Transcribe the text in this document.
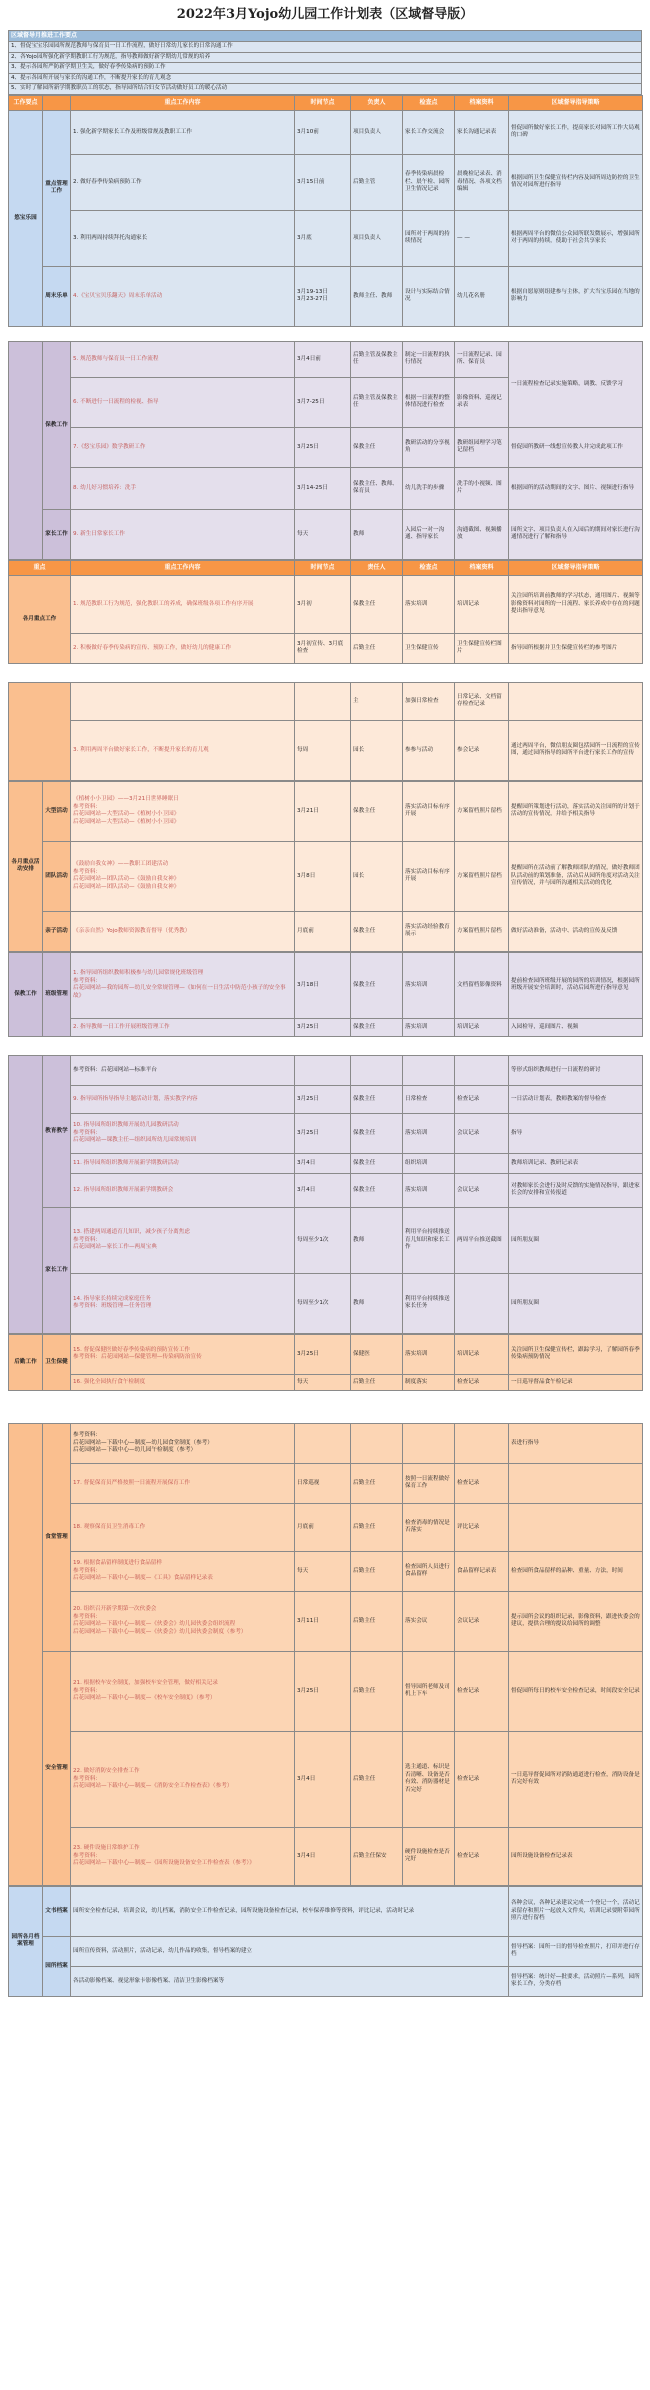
2022年3月Yojo幼儿园工作计划表（区域督导版）
区域督导月推进工作要点
1、督促宝宝乐园园所规范教师与保育员一日工作流程，做好日常幼儿家长的日常沟通工作
2、各Yojo园所强化新学期教职工行为规范，指导教师做好新学期幼儿常规的培养
3、提示各园所严防新学期卫生关，做好春季传染病的预防工作
4、提示各园所开展与家长的沟通工作，不断提升家长的育儿观念
5、实时了解园所新学期教职员工的状态，指导园所结合妇女节活动做好员工的暖心活动
工作要点		重点工作内容	时间节点	负责人	检查点	档案资料	区域督导指导策略
悠宝乐园	重点管理工作	1. 强化新学期家长工作及班级常规及教职工工作	3月10前	项目负责人	家长工作交流会	家长沟通记录表	督促园所做好家长工作，提高家长对园所工作大局观的口碑
		2. 做好春季传染病预防工作	3月15日前	后勤主管	春季传染病晨检栏、晨午检、园所卫生情况记录	晨晚检记录表、消毒情况、各项文档编辑	根据园所卫生保健宣传栏内容及园所周边防控的卫生情况对园所进行指导
		3. 利用两周持续拜托沟通家长	3月底	项目负责人	园所对于两周的持续情况	— —	根据两周平台的微信公众园所联发微展示，增强园所对于两周的持续，使助于社会共享家长
	周末乐单	4.《宝贝宝贝乐翻天》周末乐单活动	3月19-13日
3月23-27日	教师主任、教师	设计与实际结合情况	幼儿花名册	根据自愿原则组建参与主体，扩大当宝乐园在当地的影响力
	保教工作	5. 规范教师与保育员一日工作流程	3月4日前	后勤主管及保教主任	制定一日流程的执行情况	一日流程记录、园所、保育员	一日流程检查记录实施策略，调教、反馈学习
		6. 不断进行一日流程的检视、指导	3月7-25日	后勤主管及保教主任	根据一日流程的整体情况进行检查	影像资料、巡视记录表	
		7.《悠宝乐园》数学教研工作	3月25日	保教主任	教研活动的分享视角	教研组园理学习笔记留档	督促园所教研一线想宣传教人并完成此项工作
		8. 幼儿好习惯培养：洗手	3月14-25日	保教主任、教师、保育员	幼儿洗手的步骤	洗手的小视频、图片	根据园所的活动期间的文字、图片、视频进行指导
	家长工作	9. 新生日常家长工作	每天	教师	入园后一对一沟通、指导家长	沟通截图、视频播放	园所文字、项目负责人在入园后的期间对家长进行沟通情况进行了解和指导
重点	重点工作内容	时间节点	责任人	检查点	档案资料	区域督导指导策略
各月重点工作	1. 规范教职工行为规范，强化教职工的养成，确保班级各项工作有序开展	3月初	保教主任	落实培训	培训记录	关注园所培训前教师的学习状态，通用图片、视频等影像资料对园所的一日流程、家长养成中存在的问题提出指导意见
	2. 积极做好春季传染病的宣传、预防工作，做好幼儿的健康工作	3月初宣传、3月底检查	后勤主任	卫生保健宣传	卫生保健宣传栏图片	指导园所根据并卫生保健宣传栏的参考图片
			主	加强日常检查	日常记录、文档留存检查记录	
	3. 利用两周平台做好家长工作，不断提升家长的育儿观	每周	园长	参参与活动	参会记录	通过两周平台，微信朋友圈包括园所一日流程的宣传图，通过园所指导的园所平台进行家长工作的宣传
各月重点活动安排	大型活动	《植树小小卫园》——3月21日世界睡眠日
参考资料：
后花园网站—大型活动—《植树小小卫园》
后花园网站—大型活动—《植树小小卫园》	3月21日	保教主任	落实活动目标有序开展	方案留档照片留档	提醒园所策划进行活动，落实活动关注园所的计划于活动的宣传情况，并给予相关指导
	团队活动	《鼓励自我女神》——教职工团建活动
参考资料：
后花园网站—团队活动—《鼓励自我女神》
后花园网站—团队活动—《鼓励自我女神》	3月8日	园长	落实活动目标有序开展	方案留档照片留档	提醒园所在活动前了解教师团队的情况，做好教师团队活动前的策划准备，活动后从园所角度对活动关注宣传情况，并与园所沟通相关活动的优化
	亲子活动	《亲亲自然》Yojo教师资源教育督导（优秀教）	月底前	保教主任	落实活动经验教育展示	方案留档照片留档	做好活动准备，活动中、活动的宣传及反馈
保教工作	班级管理	1. 指导园所组织教师积极参与幼儿园常规化班级管理
参考资料：
后花园网站—我的园所—幼儿安全常规管理—《如何在一日生活中防范小孩子的安全事故》	3月18日	保教主任	落实培训	文档留档影像资料	提前检查园所班级开展的园所的培训情况，根据园所班级开展安全培训时，活动后园所进行指导意见
		2. 指导教师一日工作开展班级管理工作	3月25日	保教主任	落实培训	培训记录	入园检导，巡间图片、视频
	教育教学	参考资料：后花园网站—标准平台					等形式组织教师进行一日流程的研讨
		9. 指导园所指导指导主题活动计划，落实教学内容	3月25日	保教主任	日常检查	检查记录	一日活动计划表，教师教案的督导检查
		10. 指导园所组织教师开展幼儿园教研活动
参考资料：
后花园网站—课教主任—组织园所幼儿园常规培训	3月25日	保教主任	落实培训	会议记录	指导
		11. 指导园所组织教师开展新学期教研活动	3月4日	保教主任	组织培训		教师培训记录、教研记录表
		12. 指导园所组织教师开展新学期教研会	3月4日	保教主任	落实培训	会议记录	对教师家长会进行及时反馈的实施情况指导，跟进家长会的安排和宣传报道
	家长工作	13. 搭建两周通道育儿知识，减少孩子分离焦虑
参考资料：
后花园网站—家长工作—两周宝典	每周至少1次	教师	利用平台持续推送育儿知识和家长工作	两周平台推送截图	园所朋友圈
		14. 指导家长持续完成家庭任务
参考资料：班级管理—任务管理	每周至少1次	教师	利用平台持续推送家长任务		园所朋友圈
后勤工作	卫生保健	15. 督促保健医做好春季传染病的预防宣传工作
参考资料：后花园网站—保健管理—传染病防治宣传	3月25日	保健医	落实培训	培训记录	关注园所卫生保健宣传栏，跟踪学习，了解园所春季传染病预防情况
		16. 强化全园执行食午检制度	每天	后勤主任	制度落实	检查记录	一日巡导督品食午检记录
	食堂管理	参考资料：
后花园网站—下载中心—制度—幼儿园食堂制度（参考）
后花园网站—下载中心—幼儿园午检制度（参考）					表进行指导
		17. 督促保育员严格按照一日流程开展保育工作	日常巡视	后勤主任	按照一日流程做好保育工作	检查记录	
		18. 观察保育员卫生消毒工作	月底前	后勤主任	检查消毒的情况是否落实	评比记录	
		19. 根据食品留样制度进行食品留样
参考资料：
后花园网站—下载中心—制度—《工具》食品留样记录表	每天	后勤主任	检查园所人员进行食品留样	食品留样记录表	检查园所食品留样的品种、重量、方法，时间
		20. 组织召开新学期第一次伙委会
参考资料：
后花园网站—下载中心—制度—《伙委会》幼儿园伙委会组织流程
后花园网站—下载中心—制度—《伙委会》幼儿园伙委会制度（参考）	3月11日	后勤主任	落实会议	会议记录	提示园所会议的组织记录，影像资料，跟进伙委会的建议，提供合理的提议给园所的调整
	安全管理	21. 根据校车安全制度，加强校车安全管理，做好相关记录
参考资料：
后花园网站—下载中心—制度—《校车安全制度》（参考）	3月25日	后勤主任	督导园所老师及司机上下车	检查记录	督促园所每日的校车安全检查记录，时间段安全记录
		22. 做好消防安全排查工作
参考资料：
后花园网站—下载中心—制度—《消防安全工作检查表》（参考）	3月4日	后勤主任	选主通道、标识是否清晰、设备是否有效、消防器材是否完好	检查记录	一日巡导督促园所对消防通道进行检查，消防设备是否完好有效
		23. 硬件设施日常维护工作
参考资料：
后花园网站—下载中心—制度—《园所设施设备安全工作检查表（参考）》	3月4日	后勤主任保安	硬件设施检查是否完好	检查记录	园所设施设备检查记录表
园所各月档案管理	文书档案	园所安全检查记录，培训会议，幼儿档案，消防安全工作检查记录，园所设施设备检查记录，校车保养维修等资料，评比记录，活动时记录	各种会议，各种记录建议完成一个登记一个，活动记录留存和照片一起放入文件夹，培训记录要附带园所照片进行留档
	园所档案	园所宣传资料，活动照片，活动记录，幼儿作品的收集，督导档案的建立	督导档案：园所一日的督导检查照片，打印并进行存档
		各活动影像档案、视觉形象卡影像档案、清洁卫生影像档案等	督导档案：统计好—批要求，活动照片—系列，园所家长工作，分类存档
